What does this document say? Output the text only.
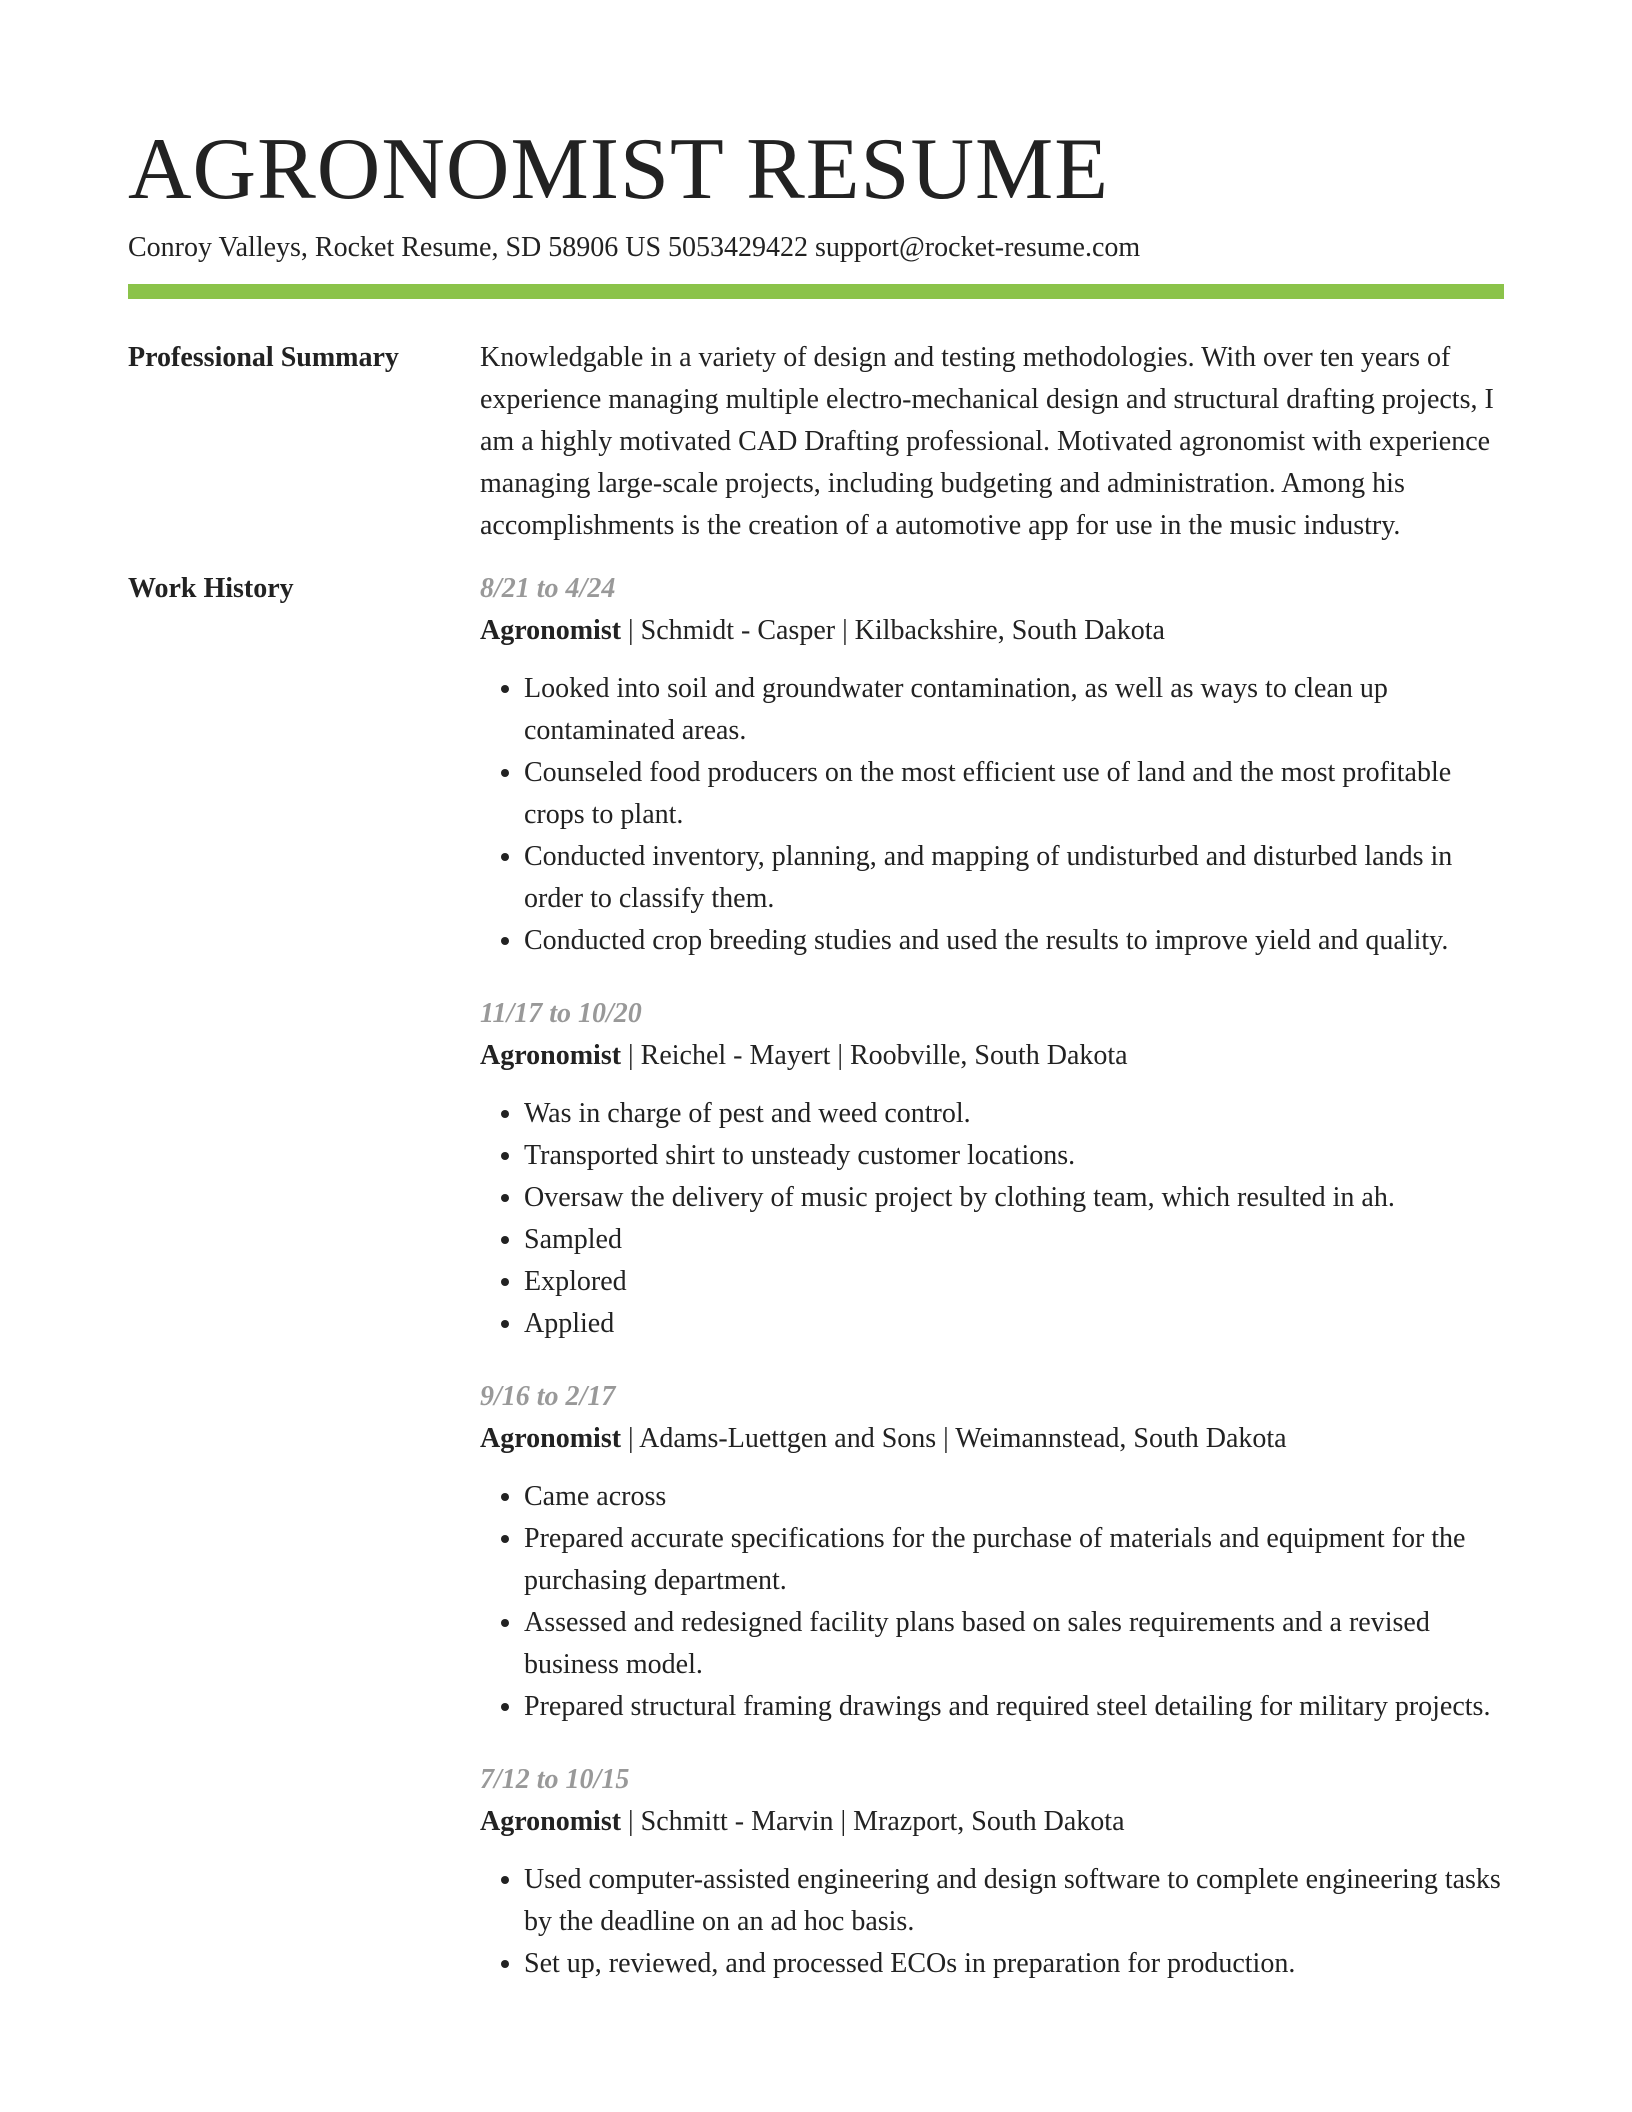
AGRONOMIST RESUME
Conroy Valleys, Rocket Resume, SD 58906 US 5053429422 support@rocket-resume.com
Professional Summary	Knowledgable in a variety of design and testing methodologies. With over ten years of experience managing multiple electro-mechanical design and structural drafting projects, I am a highly motivated CAD Drafting professional. Motivated agronomist with experience managing large-scale projects, including budgeting and administration. Among his accomplishments is the creation of a automotive app for use in the music industry.

Work History	8/21 to 4/24
Agronomist | Schmidt - Casper | Kilbackshire, South Dakota
• Looked into soil and groundwater contamination, as well as ways to clean up contaminated areas.
• Counseled food producers on the most efficient use of land and the most profitable crops to plant.
• Conducted inventory, planning, and mapping of undisturbed and disturbed lands in order to classify them.
• Conducted crop breeding studies and used the results to improve yield and quality.
11/17 to 10/20
Agronomist | Reichel - Mayert | Roobville, South Dakota
• Was in charge of pest and weed control.
• Transported shirt to unsteady customer locations.
• Oversaw the delivery of music project by clothing team, which resulted in ah.
• Sampled
• Explored
• Applied
9/16 to 2/17
Agronomist | Adams-Luettgen and Sons | Weimannstead, South Dakota
• Came across
• Prepared accurate specifications for the purchase of materials and equipment for the purchasing department.
• Assessed and redesigned facility plans based on sales requirements and a revised business model.
• Prepared structural framing drawings and required steel detailing for military projects.
7/12 to 10/15
Agronomist | Schmitt - Marvin | Mrazport, South Dakota
• Used computer-assisted engineering and design software to complete engineering tasks by the deadline on an ad hoc basis.
• Set up, reviewed, and processed ECOs in preparation for production.
